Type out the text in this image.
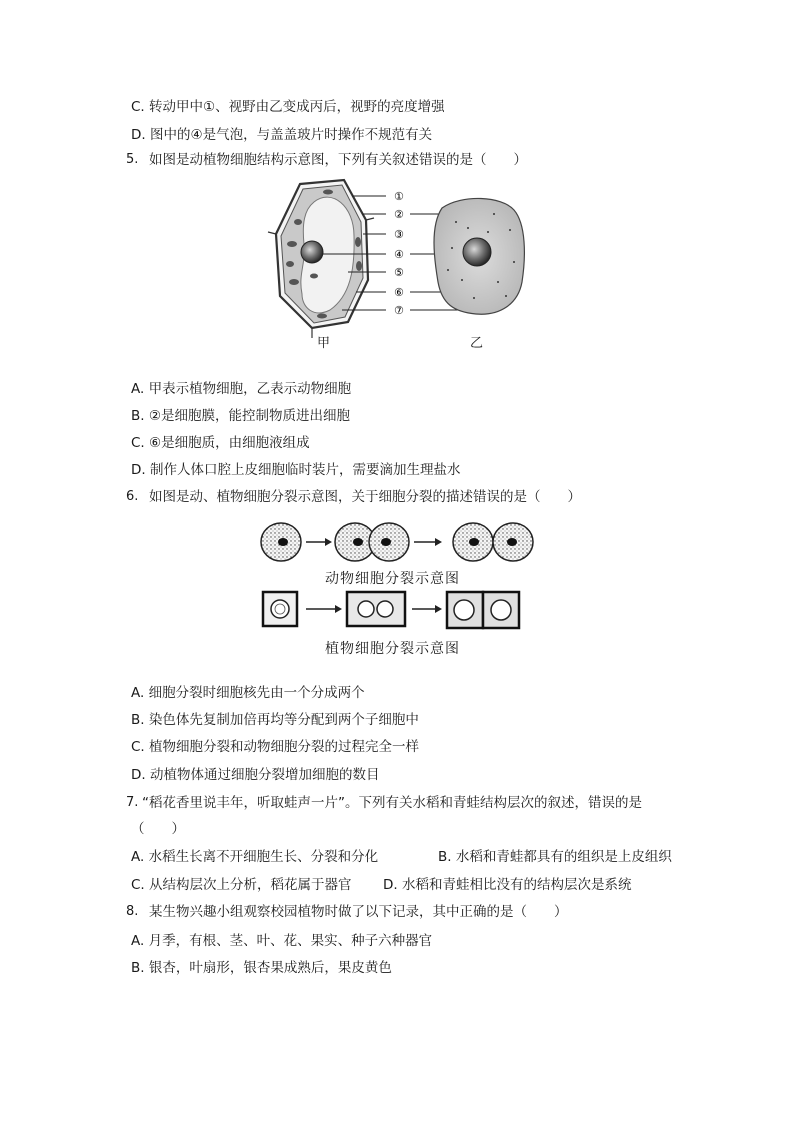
C. 转动甲中①、视野由乙变成丙后，视野的亮度增强
D. 图中的④是气泡，与盖盖玻片时操作不规范有关
5. 如图是动植物细胞结构示意图，下列有关叙述错误的是（　　）
①
②
③
④
⑤
⑥
⑦
甲	乙
A. 甲表示植物细胞，乙表示动物细胞
B. ②是细胞膜，能控制物质进出细胞
C. ⑥是细胞质，由细胞液组成
D. 制作人体口腔上皮细胞临时装片，需要滴加生理盐水
6. 如图是动、植物细胞分裂示意图，关于细胞分裂的描述错误的是（　　）
动物细胞分裂示意图
植物细胞分裂示意图
A. 细胞分裂时细胞核先由一个分成两个
B. 染色体先复制加倍再均等分配到两个子细胞中
C. 植物细胞分裂和动物细胞分裂的过程完全一样
D. 动植物体通过细胞分裂增加细胞的数目
7. “稻花香里说丰年，听取蛙声一片”。下列有关水稻和青蛙结构层次的叙述，错误的是
（　　）
A. 水稻生长离不开细胞生长、分裂和分化	B. 水稻和青蛙都具有的组织是上皮组织
C. 从结构层次上分析，稻花属于器官 D. 水稻和青蛙相比没有的结构层次是系统
8. 某生物兴趣小组观察校园植物时做了以下记录，其中正确的是（　　）
A. 月季，有根、茎、叶、花、果实、种子六种器官
B. 银杏，叶扇形，银杏果成熟后，果皮黄色
